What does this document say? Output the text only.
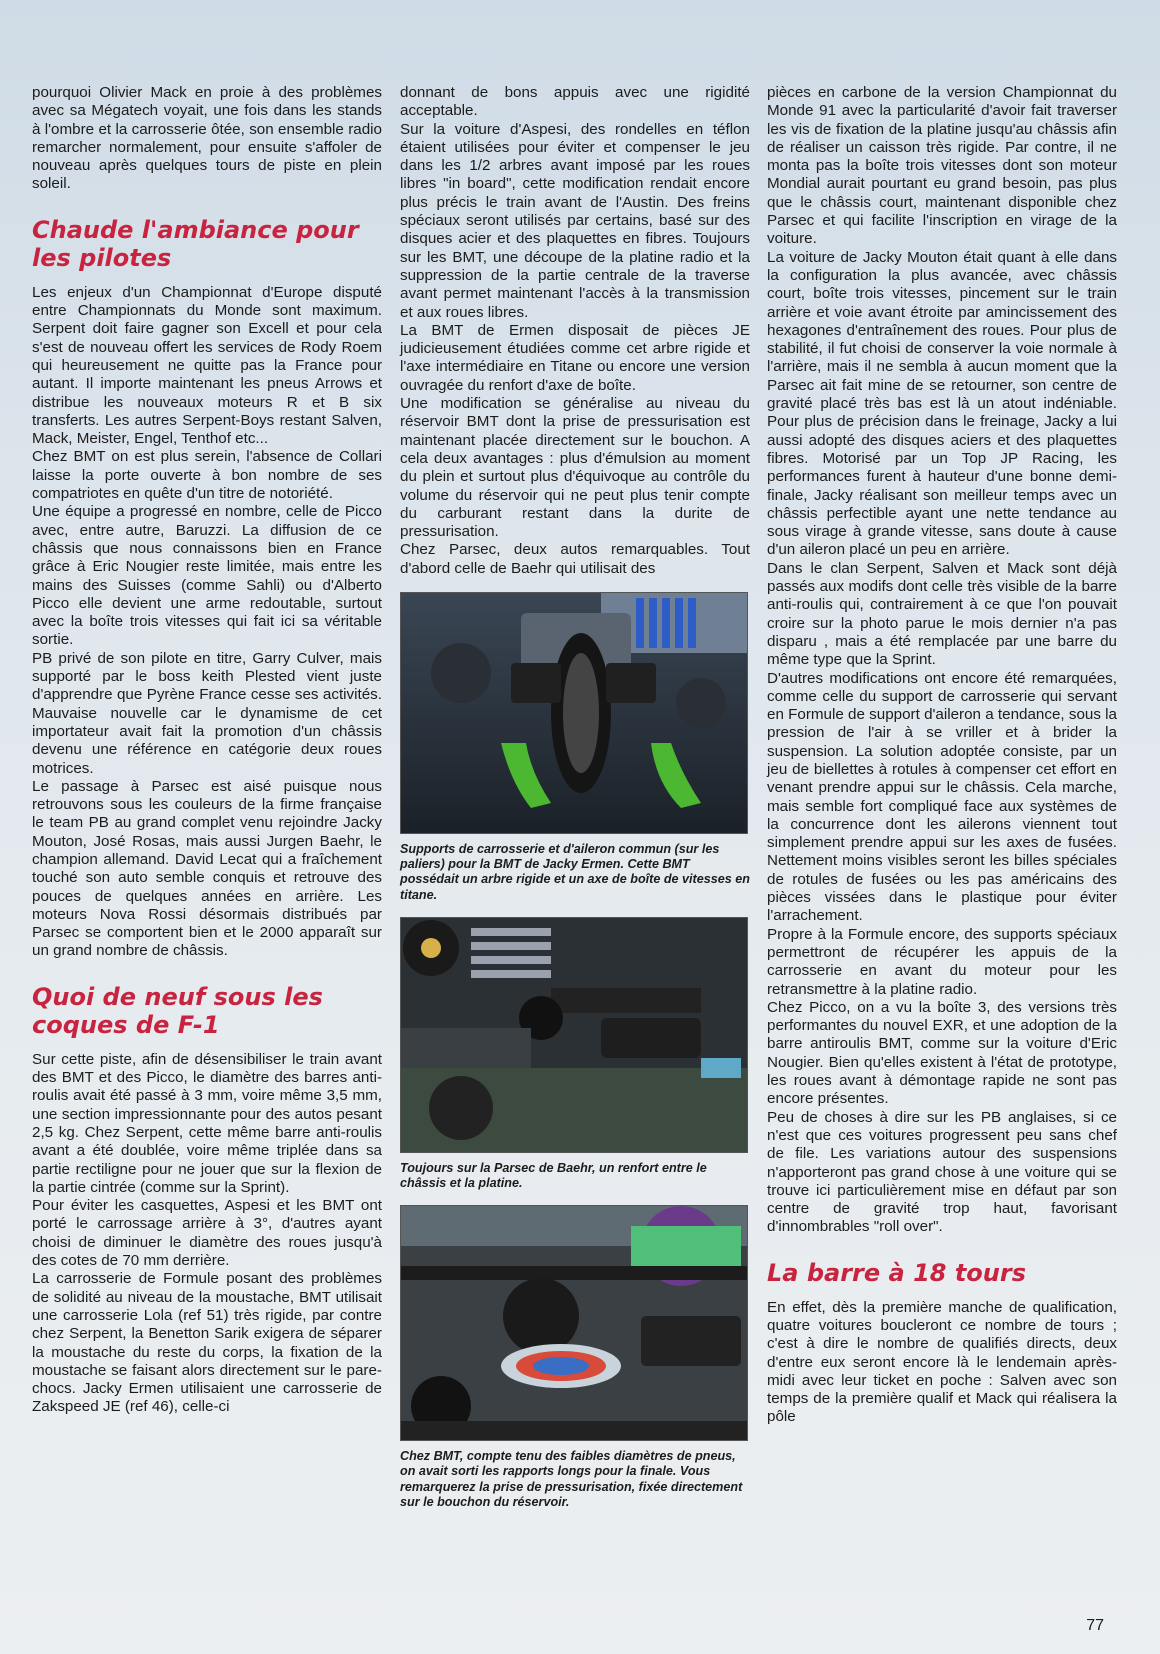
pourquoi Olivier Mack en proie à des problèmes avec sa Mégatech voyait, une fois dans les stands à l'ombre et la carrosserie ôtée, son ensemble radio remarcher normalement, pour ensuite s'affoler de nouveau après quelques tours de piste en plein soleil.

Chaude l'ambiance pour les pilotes

Les enjeux d'un Championnat d'Europe disputé entre Championnats du Monde sont maximum. Serpent doit faire gagner son Excell et pour cela s'est de nouveau offert les services de Rody Roem qui heureusement ne quitte pas la France pour autant. Il importe maintenant les pneus Arrows et distribue les nouveaux moteurs R et B six transferts. Les autres Serpent-Boys restant Salven, Mack, Meister, Engel, Tenthof etc...

Chez BMT on est plus serein, l'absence de Collari laisse la porte ouverte à bon nombre de ses compatriotes en quête d'un titre de notoriété.

Une équipe a progressé en nombre, celle de Picco avec, entre autre, Baruzzi. La diffusion de ce châssis que nous connaissons bien en France grâce à Eric Nougier reste limitée, mais entre les mains des Suisses (comme Sahli) ou d'Alberto Picco elle devient une arme redoutable, surtout avec la boîte trois vitesses qui fait ici sa véritable sortie.

PB privé de son pilote en titre, Garry Culver, mais supporté par le boss keith Plested vient juste d'apprendre que Pyrène France cesse ses activités. Mauvaise nouvelle car le dynamisme de cet importateur avait fait la promotion d'un châssis devenu une référence en catégorie deux roues motrices.

Le passage à Parsec est aisé puisque nous retrouvons sous les couleurs de la firme française le team PB au grand complet venu rejoindre Jacky Mouton, José Rosas, mais aussi Jurgen Baehr, le champion allemand. David Lecat qui a fraîchement touché son auto semble conquis et retrouve des pouces de quelques années en arrière. Les moteurs Nova Rossi désormais distribués par Parsec se comportent bien et le 2000 apparaît sur un grand nombre de châssis.

Quoi de neuf sous les coques de F-1

Sur cette piste, afin de désensibiliser le train avant des BMT et des Picco, le diamètre des barres anti-roulis avait été passé à 3 mm, voire même 3,5 mm, une section impressionnante pour des autos pesant 2,5 kg. Chez Serpent, cette même barre anti-roulis avant a été doublée, voire même triplée dans sa partie rectiligne pour ne jouer que sur la flexion de la partie cintrée (comme sur la Sprint).

Pour éviter les casquettes, Aspesi et les BMT ont porté le carrossage arrière à 3°, d'autres ayant choisi de diminuer le diamètre des roues jusqu'à des cotes de 70 mm derrière.

La carrosserie de Formule posant des problèmes de solidité au niveau de la moustache, BMT utilisait une carrosserie Lola (ref 51) très rigide, par contre chez Serpent, la Benetton Sarik exigera de séparer la moustache du reste du corps, la fixation de la moustache se faisant alors directement sur le pare-chocs. Jacky Ermen utilisaient une carrosserie de Zakspeed JE (ref 46), celle-ci

donnant de bons appuis avec une rigidité acceptable.

Sur la voiture d'Aspesi, des rondelles en téflon étaient utilisées pour éviter et compenser le jeu dans les 1/2 arbres avant imposé par les roues libres "in board", cette modification rendait encore plus précis le train avant de l'Austin. Des freins spéciaux seront utilisés par certains, basé sur des disques acier et des plaquettes en fibres. Toujours sur les BMT, une découpe de la platine radio et la suppression de la partie centrale de la traverse avant permet maintenant l'accès à la transmission et aux roues libres.

La BMT de Ermen disposait de pièces JE judicieusement étudiées comme cet arbre rigide et l'axe intermédiaire en Titane ou encore une version ouvragée du renfort d'axe de boîte.

Une modification se généralise au niveau du réservoir BMT dont la prise de pressurisation est maintenant placée directement sur le bouchon. A cela deux avantages : plus d'émulsion au moment du plein et surtout plus d'équivoque au contrôle du volume du réservoir qui ne peut plus tenir compte du carburant restant dans la durite de pressurisation.

Chez Parsec, deux autos remarquables. Tout d'abord celle de Baehr qui utilisait des

Supports de carrosserie et d'aileron commun (sur les paliers) pour la BMT de Jacky Ermen. Cette BMT possédait un arbre rigide et un axe de boîte de vitesses en titane.
Toujours sur la Parsec de Baehr, un renfort entre le châssis et la platine.
Chez BMT, compte tenu des faibles diamètres de pneus, on avait sorti les rapports longs pour la finale. Vous remarquerez la prise de pressurisation, fixée directement sur le bouchon du réservoir.

pièces en carbone de la version Championnat du Monde 91 avec la particularité d'avoir fait traverser les vis de fixation de la platine jusqu'au châssis afin de réaliser un caisson très rigide. Par contre, il ne monta pas la boîte trois vitesses dont son moteur Mondial aurait pourtant eu grand besoin, pas plus que le châssis court, maintenant disponible chez Parsec et qui facilite l'inscription en virage de la voiture.

La voiture de Jacky Mouton était quant à elle dans la configuration la plus avancée, avec châssis court, boîte trois vitesses, pincement sur le train arrière et voie avant étroite par amincissement des hexagones d'entraînement des roues. Pour plus de stabilité, il fut choisi de conserver la voie normale à l'arrière, mais il ne sembla à aucun moment que la Parsec ait fait mine de se retourner, son centre de gravité placé très bas est là un atout indéniable. Pour plus de précision dans le freinage, Jacky a lui aussi adopté des disques aciers et des plaquettes fibres. Motorisé par un Top JP Racing, les performances furent à hauteur d'une bonne demi-finale, Jacky réalisant son meilleur temps avec un châssis perfectible ayant une nette tendance au sous virage à grande vitesse, sans doute à cause d'un aileron placé un peu en arrière.

Dans le clan Serpent, Salven et Mack sont déjà passés aux modifs dont celle très visible de la barre anti-roulis qui, contrairement à ce que l'on pouvait croire sur la photo parue le mois dernier n'a pas disparu , mais a été remplacée par une barre du même type que la Sprint.

D'autres modifications ont encore été remarquées, comme celle du support de carrosserie qui servant en Formule de support d'aileron a tendance, sous la pression de l'air à se vriller et à brider la suspension. La solution adoptée consiste, par un jeu de biellettes à rotules à compenser cet effort en venant prendre appui sur le châssis. Cela marche, mais semble fort compliqué face aux systèmes de la concurrence dont les ailerons viennent tout simplement prendre appui sur les axes de fusées. Nettement moins visibles seront les billes spéciales de rotules de fusées ou les pas américains des pièces vissées dans le plastique pour éviter l'arrachement.

Propre à la Formule encore, des supports spéciaux permettront de récupérer les appuis de la carrosserie en avant du moteur pour les retransmettre à la platine radio.

Chez Picco, on a vu la boîte 3, des versions très performantes du nouvel EXR, et une adoption de la barre antiroulis BMT, comme sur la voiture d'Eric Nougier. Bien qu'elles existent à l'état de prototype, les roues avant à démontage rapide ne sont pas encore présentes.

Peu de choses à dire sur les PB anglaises, si ce n'est que ces voitures progressent peu sans chef de file. Les variations autour des suspensions n'apporteront pas grand chose à une voiture qui se trouve ici particulièrement mise en défaut par son centre de gravité trop haut, favorisant d'innombrables "roll over".

La barre à 18 tours

En effet, dès la première manche de qualification, quatre voitures boucleront ce nombre de tours ; c'est à dire le nombre de qualifiés directs, deux d'entre eux seront encore là le lendemain après-midi avec leur ticket en poche : Salven avec son temps de la première qualif et Mack qui réalisera la pôle

77
